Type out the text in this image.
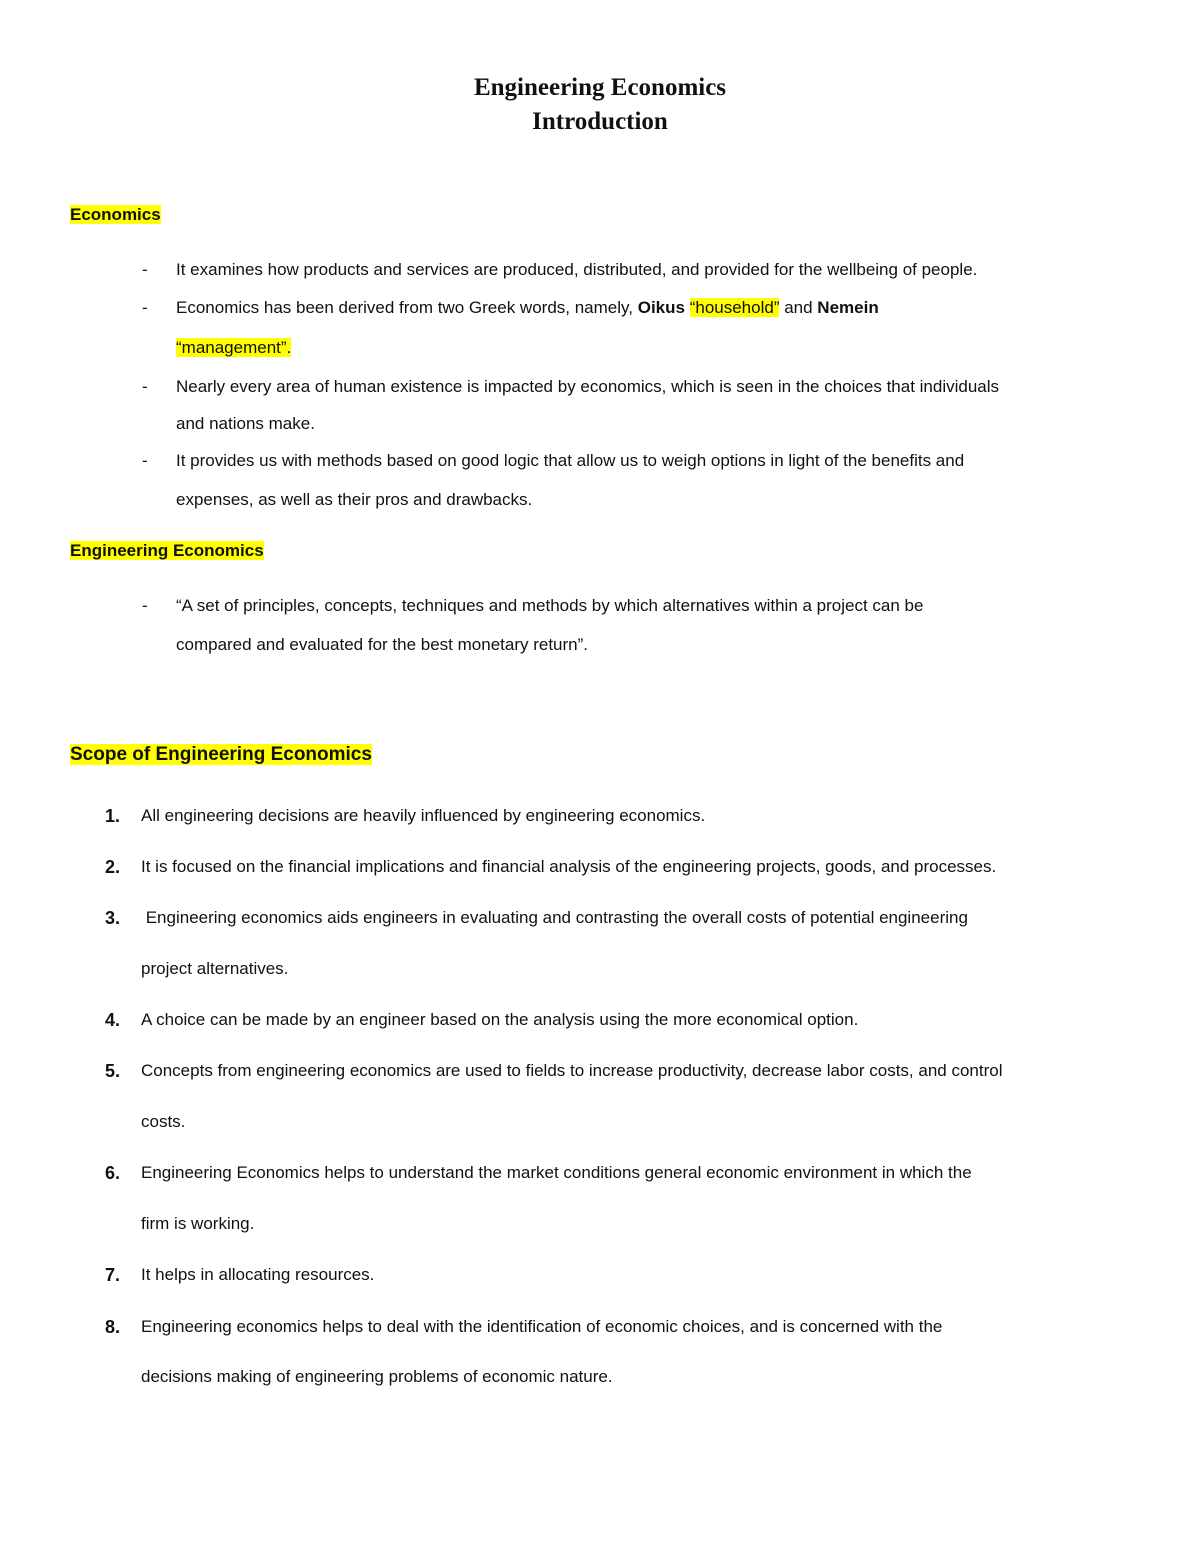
Engineering Economics
Introduction
Economics
- It examines how products and services are produced, distributed, and provided for the wellbeing of people.
- Economics has been derived from two Greek words, namely, Oikus “household” and Nemein
“management”.
- Nearly every area of human existence is impacted by economics, which is seen in the choices that individuals
and nations make.
- It provides us with methods based on good logic that allow us to weigh options in light of the benefits and
expenses, as well as their pros and drawbacks.
Engineering Economics
- “A set of principles, concepts, techniques and methods by which alternatives within a project can be
compared and evaluated for the best monetary return”.
Scope of Engineering Economics
1. All engineering decisions are heavily influenced by engineering economics.
2. It is focused on the financial implications and financial analysis of the engineering projects, goods, and processes.
3. Engineering economics aids engineers in evaluating and contrasting the overall costs of potential engineering
project alternatives.
4. A choice can be made by an engineer based on the analysis using the more economical option.
5. Concepts from engineering economics are used to fields to increase productivity, decrease labor costs, and control
costs.
6. Engineering Economics helps to understand the market conditions general economic environment in which the
firm is working.
7. It helps in allocating resources.
8. Engineering economics helps to deal with the identification of economic choices, and is concerned with the
decisions making of engineering problems of economic nature.
